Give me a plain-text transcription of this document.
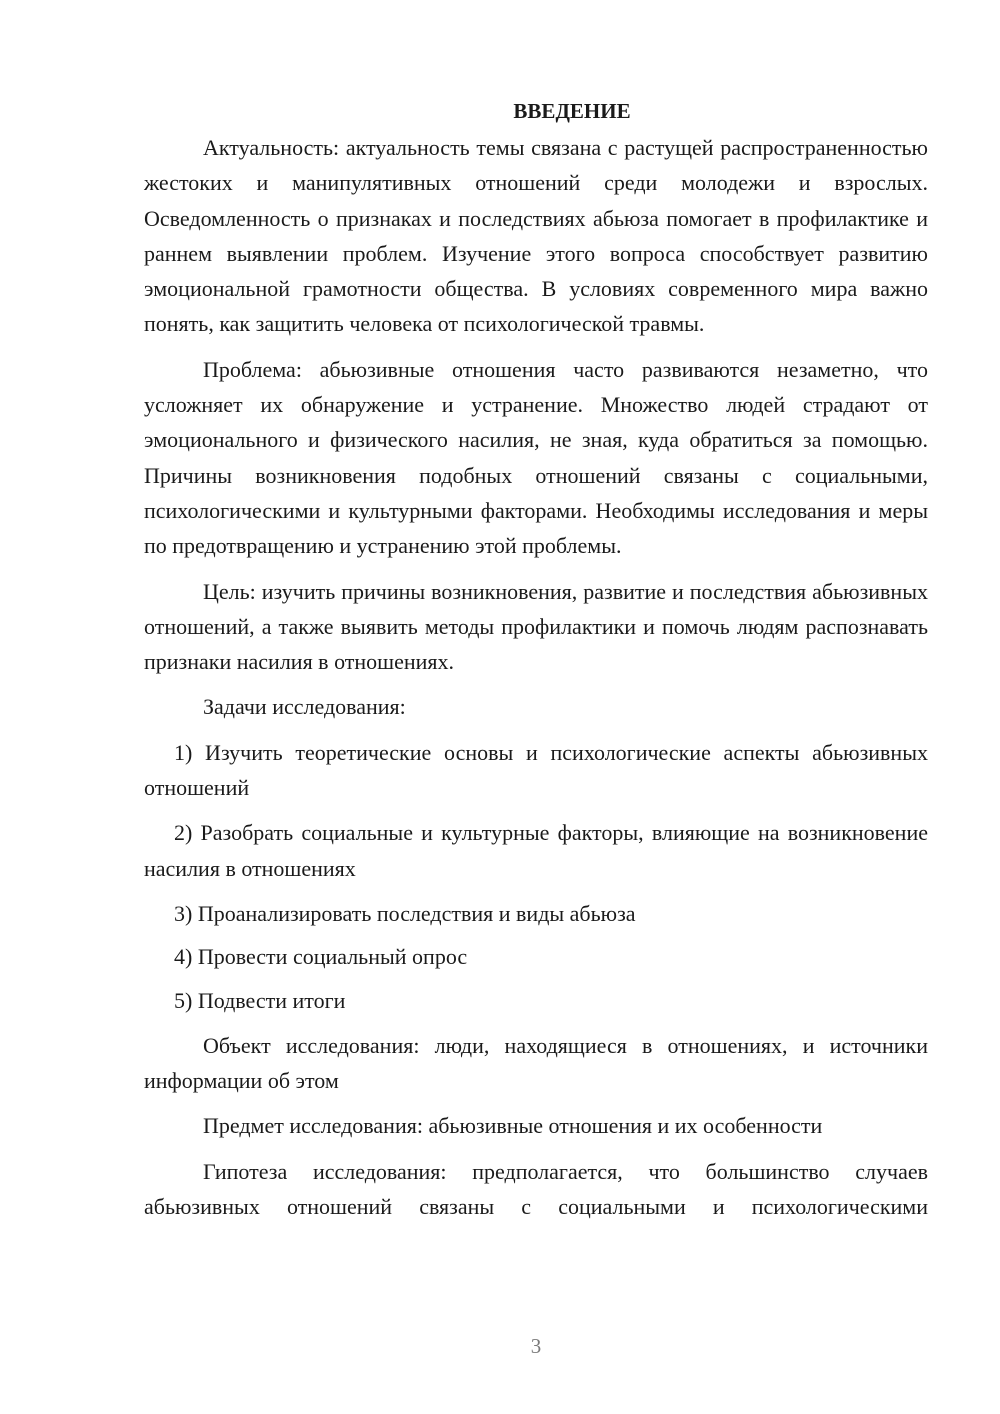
ВВЕДЕНИЕ

Актуальность: актуальность темы связана с растущей распространенностью жестоких и манипулятивных отношений среди молодежи и взрослых. Осведомленность о признаках и последствиях абьюза помогает в профилактике и раннем выявлении проблем. Изучение этого вопроса способствует развитию эмоциональной грамотности общества. В условиях современного мира важно понять, как защитить человека от психологической травмы.

Проблема: абьюзивные отношения часто развиваются незаметно, что усложняет их обнаружение и устранение. Множество людей страдают от эмоционального и физического насилия, не зная, куда обратиться за помощью. Причины возникновения подобных отношений связаны с социальными, психологическими и культурными факторами. Необходимы исследования и меры по предотвращению и устранению этой проблемы.

Цель: изучить причины возникновения, развитие и последствия абьюзивных отношений, а также выявить методы профилактики и помочь людям распознавать признаки насилия в отношениях.

Задачи исследования:

1) Изучить теоретические основы и психологические аспекты абьюзивных отношений

2) Разобрать социальные и культурные факторы, влияющие на возникновение насилия в отношениях

3) Проанализировать последствия и виды абьюза

4) Провести социальный опрос

5) Подвести итоги

Объект исследования: люди, находящиеся в отношениях, и источники информации об этом

Предмет исследования: абьюзивные отношения и их особенности

Гипотеза исследования: предполагается, что большинство случаев абьюзивных отношений связаны с социальными и психологическими

3
